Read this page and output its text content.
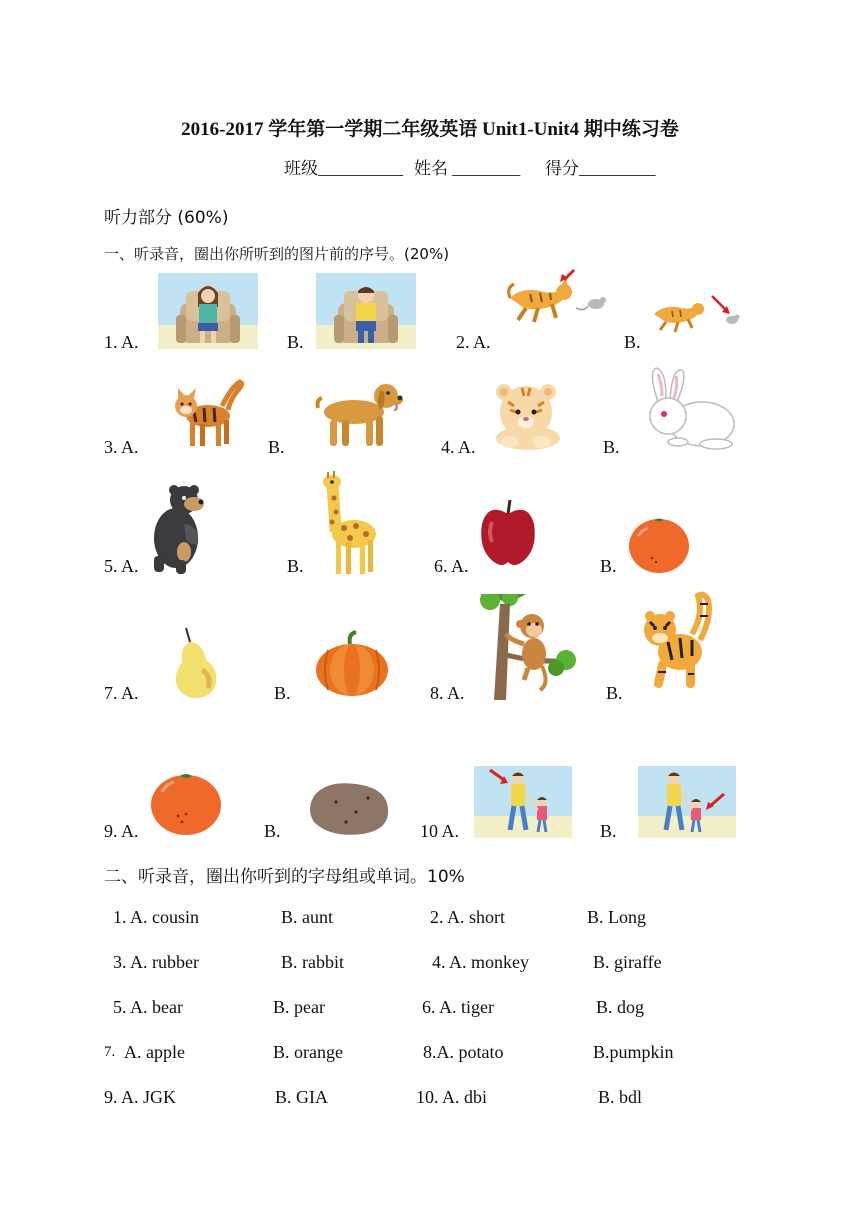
2016-2017 学年第一学期二年级英语 Unit1-Unit4 期中练习卷
班级__________ 姓名 ________ 得分_________
听力部分 (60%)
一、听录音，圈出你所听到的图片前的序号。(20%)
1. A.	B.	2. A.	B.
3. A.	B.	4. A.	B.
5. A.	B.	6. A.	B.
7. A.	B.	8. A.	B.
9. A.	B.	10 A.	B.
二、听录音，圈出你听到的字母组或单词。10%
1. A. cousin	B. aunt	2. A. short	B. Long
3. A. rubber	B. rabbit	4. A. monkey	B. giraffe
5. A. bear	B. pear	6. A. tiger	B. dog
7. A. apple	B. orange	8.A. potato	B.pumpkin
9. A. JGK	B. GIA	10. A. dbi	B. bdl
